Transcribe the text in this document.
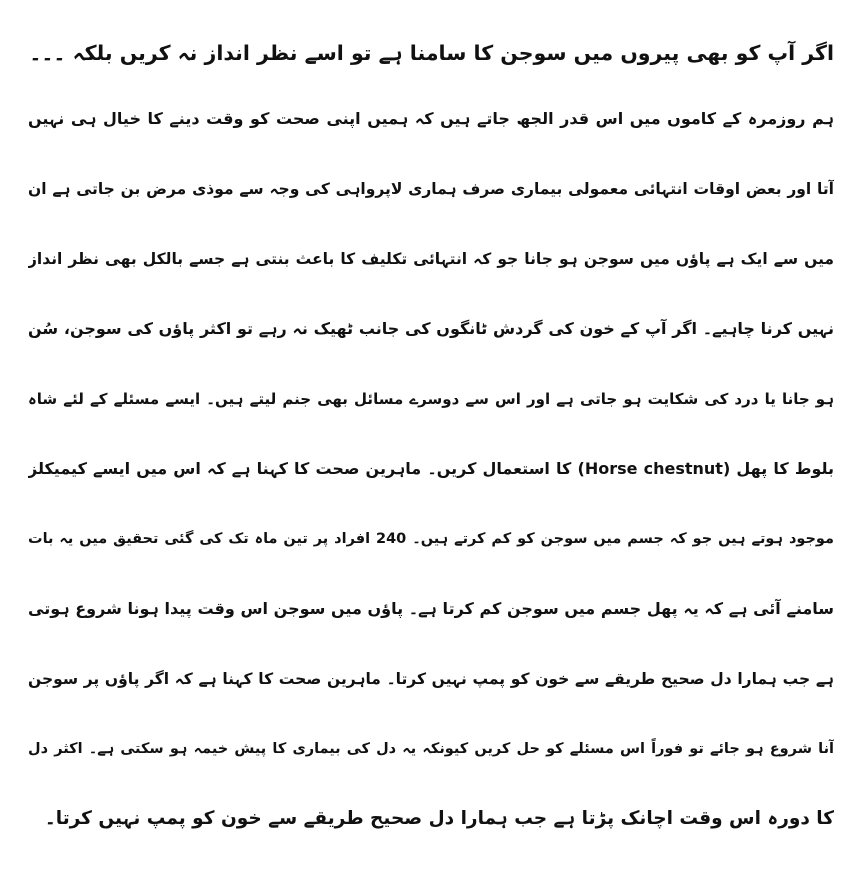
اگر آپ کو بھی پیروں میں سوجن کا سامنا ہے تو اسے نظر انداز نہ کریں بلکہ ۔۔۔
ہم روزمرہ کے کاموں میں اس قدر الجھ جاتے ہیں کہ ہمیں اپنی صحت کو وقت دینے کا خیال ہی نہیں
آتا اور بعض اوقات انتہائی معمولی بیماری صرف ہماری لاپرواہی کی وجہ سے موذی مرض بن جاتی ہے ان
میں سے ایک ہے پاؤں میں سوجن ہو جانا جو کہ انتہائی تکلیف کا باعث بنتی ہے جسے بالکل بھی نظر انداز
نہیں کرنا چاہیے۔ اگر آپ کے خون کی گردش ٹانگوں کی جانب ٹھیک نہ رہے تو اکثر پاؤں کی سوجن، سُن
ہو جانا یا درد کی شکایت ہو جاتی ہے اور اس سے دوسرے مسائل بھی جنم لیتے ہیں۔ ایسے مسئلے کے لئے شاہ
بلوط کا پھل (Horse chestnut) کا استعمال کریں۔ ماہرین صحت کا کہنا ہے کہ اس میں ایسے کیمیکلز
موجود ہوتے ہیں جو کہ جسم میں سوجن کو کم کرتے ہیں۔ 240 افراد پر تین ماہ تک کی گئی تحقیق میں یہ بات
سامنے آئی ہے کہ یہ پھل جسم میں سوجن کم کرتا ہے۔ پاؤں میں سوجن اس وقت پیدا ہونا شروع ہوتی
ہے جب ہمارا دل صحیح طریقے سے خون کو پمپ نہیں کرتا۔ ماہرین صحت کا کہنا ہے کہ اگر پاؤں پر سوجن
آنا شروع ہو جائے تو فوراً اس مسئلے کو حل کریں کیونکہ یہ دل کی بیماری کا پیش خیمہ ہو سکتی ہے۔ اکثر دل
کا دورہ اس وقت اچانک پڑتا ہے جب ہمارا دل صحیح طریقے سے خون کو پمپ نہیں کرتا۔
